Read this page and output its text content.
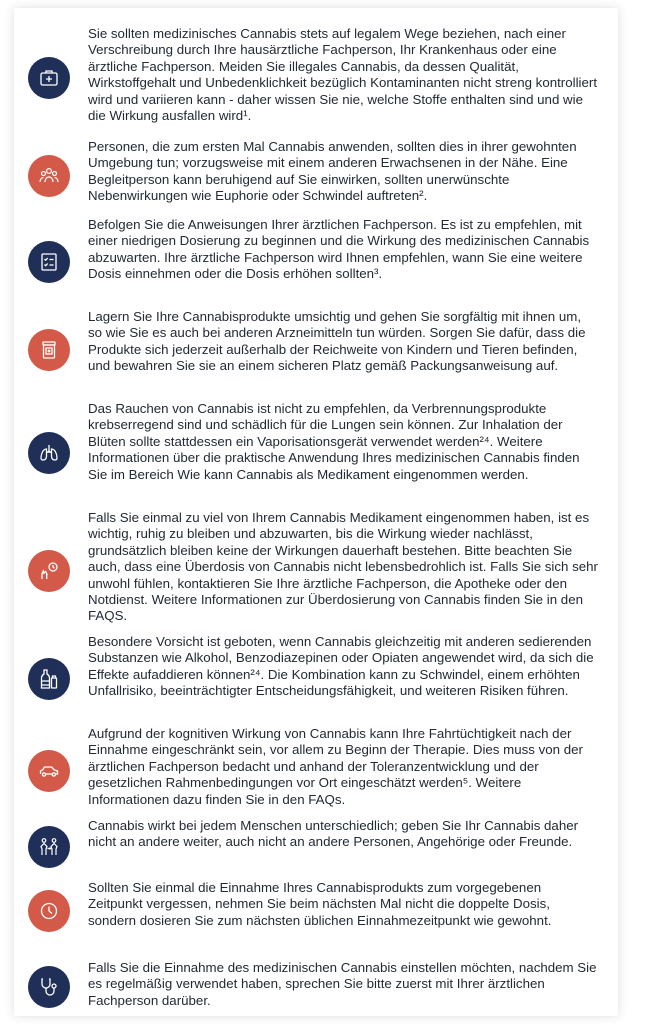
Sie sollten medizinisches Cannabis stets auf legalem Wege beziehen, nach einer Verschreibung durch Ihre hausärztliche Fachperson, Ihr Krankenhaus oder eine ärztliche Fachperson. Meiden Sie illegales Cannabis, da dessen Qualität, Wirkstoffgehalt und Unbedenklichkeit bezüglich Kontaminanten nicht streng kontrolliert wird und variieren kann - daher wissen Sie nie, welche Stoffe enthalten sind und wie die Wirkung ausfallen wird¹.
Personen, die zum ersten Mal Cannabis anwenden, sollten dies in ihrer gewohnten Umgebung tun; vorzugsweise mit einem anderen Erwachsenen in der Nähe. Eine Begleitperson kann beruhigend auf Sie einwirken, sollten unerwünschte Nebenwirkungen wie Euphorie oder Schwindel auftreten².
Befolgen Sie die Anweisungen Ihrer ärztlichen Fachperson. Es ist zu empfehlen, mit einer niedrigen Dosierung zu beginnen und die Wirkung des medizinischen Cannabis abzuwarten. Ihre ärztliche Fachperson wird Ihnen empfehlen, wann Sie eine weitere Dosis einnehmen oder die Dosis erhöhen sollten³.
Lagern Sie Ihre Cannabisprodukte umsichtig und gehen Sie sorgfältig mit ihnen um, so wie Sie es auch bei anderen Arzneimitteln tun würden. Sorgen Sie dafür, dass die Produkte sich jederzeit außerhalb der Reichweite von Kindern und Tieren befinden, und bewahren Sie sie an einem sicheren Platz gemäß Packungsanweisung auf.
Das Rauchen von Cannabis ist nicht zu empfehlen, da Verbrennungsprodukte krebserregend sind und schädlich für die Lungen sein können. Zur Inhalation der Blüten sollte stattdessen ein Vaporisationsgerät verwendet werden²⁴. Weitere Informationen über die praktische Anwendung Ihres medizinischen Cannabis finden Sie im Bereich Wie kann Cannabis als Medikament eingenommen werden.
Falls Sie einmal zu viel von Ihrem Cannabis Medikament eingenommen haben, ist es wichtig, ruhig zu bleiben und abzuwarten, bis die Wirkung wieder nachlässt, grundsätzlich bleiben keine der Wirkungen dauerhaft bestehen. Bitte beachten Sie auch, dass eine Überdosis von Cannabis nicht lebensbedrohlich ist. Falls Sie sich sehr unwohl fühlen, kontaktieren Sie Ihre ärztliche Fachperson, die Apotheke oder den Notdienst. Weitere Informationen zur Überdosierung von Cannabis finden Sie in den FAQS.
Besondere Vorsicht ist geboten, wenn Cannabis gleichzeitig mit anderen sedierenden Substanzen wie Alkohol, Benzodiazepinen oder Opiaten angewendet wird, da sich die Effekte aufaddieren können²⁴. Die Kombination kann zu Schwindel, einem erhöhten Unfallrisiko, beeinträchtigter Entscheidungsfähigkeit, und weiteren Risiken führen.
Aufgrund der kognitiven Wirkung von Cannabis kann Ihre Fahrtüchtigkeit nach der Einnahme eingeschränkt sein, vor allem zu Beginn der Therapie. Dies muss von der ärztlichen Fachperson bedacht und anhand der Toleranzentwicklung und der gesetzlichen Rahmenbedingungen vor Ort eingeschätzt werden⁵. Weitere Informationen dazu finden Sie in den FAQs.
Cannabis wirkt bei jedem Menschen unterschiedlich; geben Sie Ihr Cannabis daher nicht an andere weiter, auch nicht an andere Personen, Angehörige oder Freunde.
Sollten Sie einmal die Einnahme Ihres Cannabisprodukts zum vorgegebenen Zeitpunkt vergessen, nehmen Sie beim nächsten Mal nicht die doppelte Dosis, sondern dosieren Sie zum nächsten üblichen Einnahmezeitpunkt wie gewohnt.
Falls Sie die Einnahme des medizinischen Cannabis einstellen möchten, nachdem Sie es regelmäßig verwendet haben, sprechen Sie bitte zuerst mit Ihrer ärztlichen Fachperson darüber.
